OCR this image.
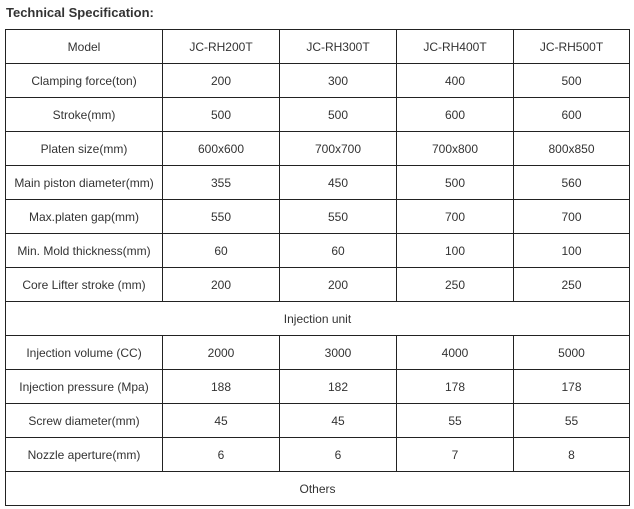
Technical Specification:

Model	JC-RH200T	JC-RH300T	JC-RH400T	JC-RH500T
Clamping force(ton)	200	300	400	500
Stroke(mm)	500	500	600	600
Platen size(mm)	600x600	700x700	700x800	800x850
Main piston diameter(mm)	355	450	500	560
Max.platen gap(mm)	550	550	700	700
Min. Mold thickness(mm)	60	60	100	100
Core Lifter stroke (mm)	200	200	250	250
Injection unit				
Injection volume (CC)	2000	3000	4000	5000
Injection pressure (Mpa)	188	182	178	178
Screw diameter(mm)	45	45	55	55
Nozzle aperture(mm)	6	6	7	8
Others				
